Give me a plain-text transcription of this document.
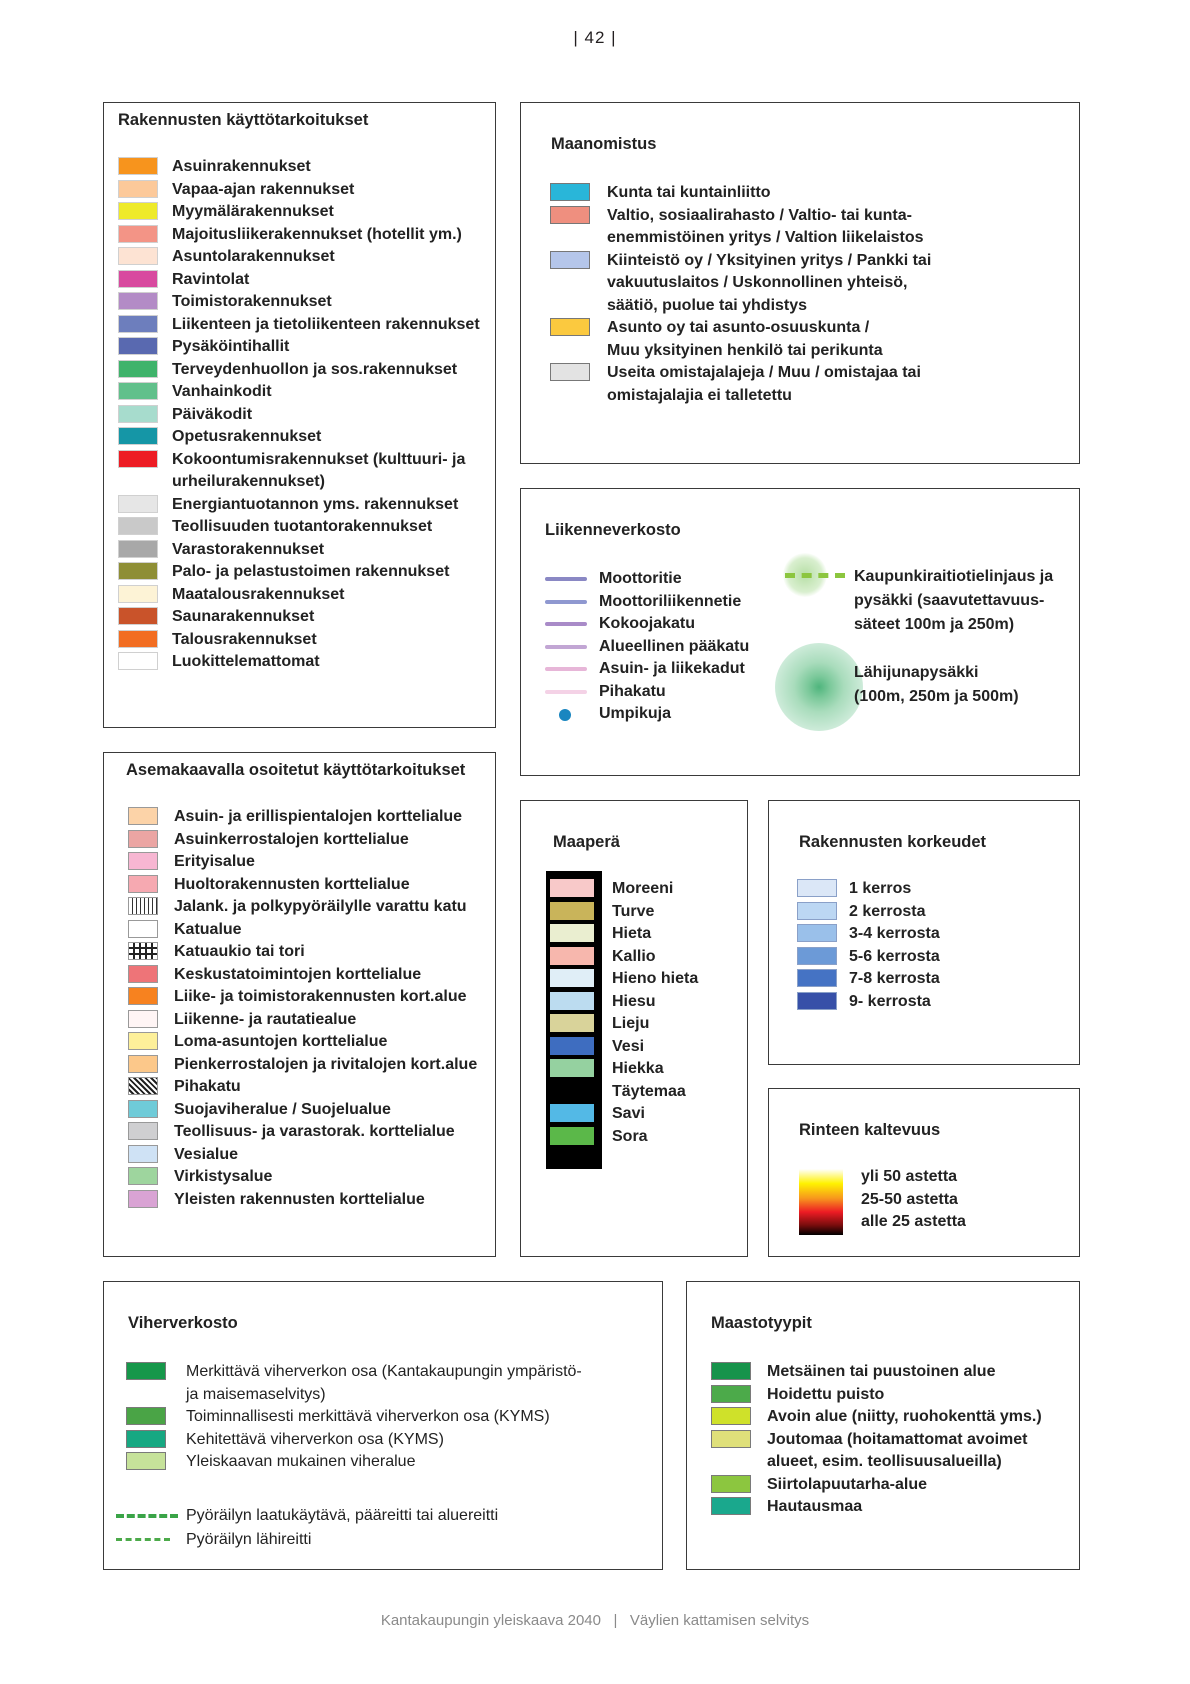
| 42 |
Rakennusten käyttötarkoitukset
Asuinrakennukset
Vapaa-ajan rakennukset
Myymälärakennukset
Majoitusliikerakennukset (hotellit ym.)
Asuntolarakennukset
Ravintolat
Toimistorakennukset
Liikenteen ja tietoliikenteen rakennukset
Pysäköintihallit
Terveydenhuollon ja sos.rakennukset
Vanhainkodit
Päiväkodit
Opetusrakennukset
Kokoontumisrakennukset (kulttuuri- ja
urheilurakennukset)
Energiantuotannon yms. rakennukset
Teollisuuden tuotantorakennukset
Varastorakennukset
Palo- ja pelastustoimen rakennukset
Maatalousrakennukset
Saunarakennukset
Talousrakennukset
Luokittelemattomat
Maanomistus
Kunta tai kuntainliitto
Valtio, sosiaalirahasto / Valtio- tai kunta-
enemmistöinen yritys / Valtion liikelaistos
Kiinteistö oy / Yksityinen yritys / Pankki tai
vakuutuslaitos / Uskonnollinen yhteisö,
säätiö, puolue tai yhdistys
Asunto oy tai asunto-osuuskunta /
Muu yksityinen henkilö tai perikunta
Useita omistajalajeja / Muu / omistajaa tai
omistajalajia ei talletettu
Liikenneverkosto
Moottoritie
Moottoriliikennetie
Kokoojakatu
Alueellinen pääkatu
Asuin- ja liikekadut
Pihakatu
Umpikuja
Kaupunkiraitiotielinjaus ja
pysäkki (saavutettavuus-
säteet 100m ja 250m)
Lähijunapysäkki
(100m, 250m ja 500m)
Asemakaavalla osoitetut käyttötarkoitukset
Asuin- ja erillispientalojen korttelialue
Asuinkerrostalojen korttelialue
Erityisalue
Huoltorakennusten korttelialue
Jalank. ja polkypyöräilylle varattu katu
Katualue
Katuaukio tai tori
Keskustatoimintojen korttelialue
Liike- ja toimistorakennusten kort.alue
Liikenne- ja rautatiealue
Loma-asuntojen korttelialue
Pienkerrostalojen ja rivitalojen kort.alue
Pihakatu
Suojaviheralue / Suojelualue
Teollisuus- ja varastorak. korttelialue
Vesialue
Virkistysalue
Yleisten rakennusten korttelialue
Maaperä
Moreeni
Turve
Hieta
Kallio
Hieno hieta
Hiesu
Lieju
Vesi
Hiekka
Täytemaa
Savi
Sora
Rakennusten korkeudet
1 kerros
2 kerrosta
3-4 kerrosta
5-6 kerrosta
7-8 kerrosta
9- kerrosta
Rinteen kaltevuus
yli 50 astetta
25-50 astetta
alle 25 astetta
Viherverkosto
Merkittävä viherverkon osa (Kantakaupungin ympäristö-
ja maisemaselvitys)
Toiminnallisesti merkittävä viherverkon osa (KYMS)
Kehitettävä viherverkon osa (KYMS)
Yleiskaavan mukainen viheralue
Pyöräilyn laatukäytävä, pääreitti tai aluereitti
Pyöräilyn lähireitti
Maastotyypit
Metsäinen tai puustoinen alue
Hoidettu puisto
Avoin alue (niitty, ruohokenttä yms.)
Joutomaa (hoitamattomat avoimet
alueet, esim. teollisuusalueilla)
Siirtolapuutarha-alue
Hautausmaa
Kantakaupungin yleiskaava 2040 | Väylien kattamisen selvitys
